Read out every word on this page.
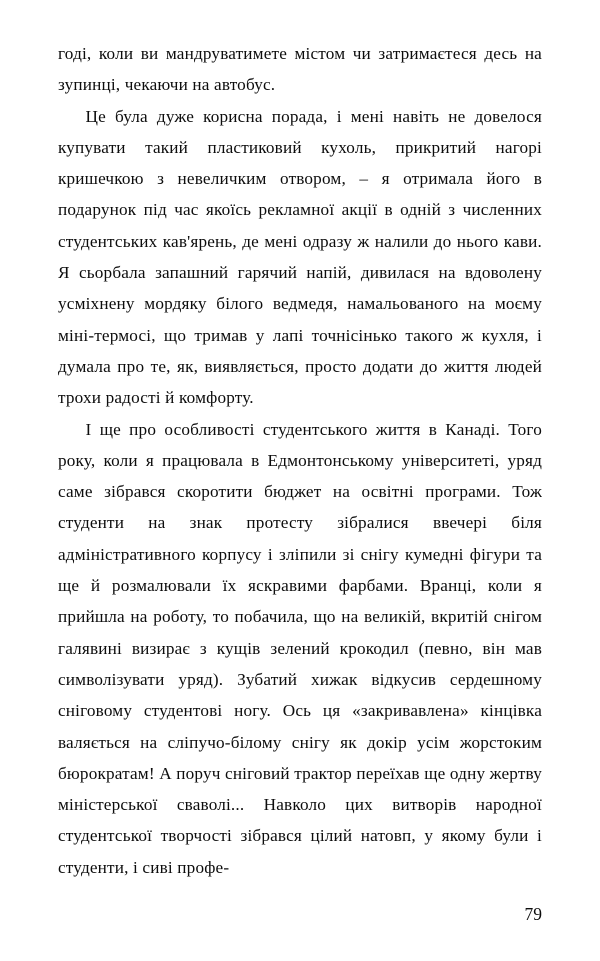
годі, коли ви мандруватимете містом чи затримаєтеся десь на зупинці, чекаючи на автобус.

Це була дуже корисна порада, і мені навіть не довелося купувати такий пластиковий кухоль, прикритий нагорі кришечкою з невеличким отвором, – я отримала його в подарунок під час якоїсь рекламної акції в одній з численних студентських кав'ярень, де мені одразу ж налили до нього кави. Я сьорбала запашний гарячий напій, дивилася на вдоволену усміхнену мордяку білого ведмедя, намальованого на моєму міні-термосі, що тримав у лапі точнісінько такого ж кухля, і думала про те, як, виявляється, просто додати до життя людей трохи радості й комфорту.

І ще про особливості студентського життя в Канаді. Того року, коли я працювала в Едмонтонському університеті, уряд саме зібрався скоротити бюджет на освітні програми. Тож студенти на знак протесту зібралися ввечері біля адміністративного корпусу і зліпили зі снігу кумедні фігури та ще й розмалювали їх яскравими фарбами. Вранці, коли я прийшла на роботу, то побачила, що на великій, вкритій снігом галявині визирає з кущів зелений крокодил (певно, він мав символізувати уряд). Зубатий хижак відкусив сердешному сніговому студентові ногу. Ось ця «закривавлена» кінцівка валяється на сліпучо-білому снігу як докір усім жорстоким бюрократам! А поруч сніговий трактор переїхав ще одну жертву міністерської сваволі... Навколо цих витворів народної студентської творчості зібрався цілий натовп, у якому були і студенти, і сиві профе-

79
